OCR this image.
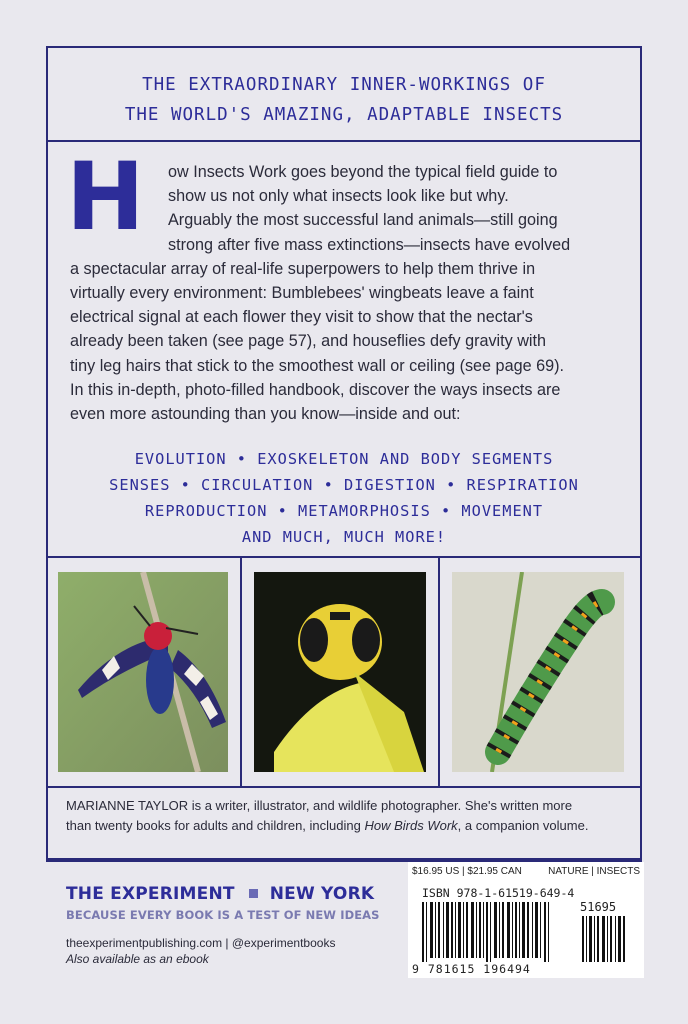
THE EXTRAORDINARY INNER-WORKINGS OF
THE WORLD'S AMAZING, ADAPTABLE INSECTS
H	ow Insects Work goes beyond the typical field guide to
show us not only what insects look like but why.
Arguably the most successful land animals—still going
strong after five mass extinctions—insects have evolved
a spectacular array of real-life superpowers to help them thrive in
virtually every environment: Bumblebees' wingbeats leave a faint
electrical signal at each flower they visit to show that the nectar's
already been taken (see page 57), and houseflies defy gravity with
tiny leg hairs that stick to the smoothest wall or ceiling (see page 69).
In this in-depth, photo-filled handbook, discover the ways insects are
even more astounding than you know—inside and out:
EVOLUTION • EXOSKELETON AND BODY SEGMENTS
SENSES • CIRCULATION • DIGESTION • RESPIRATION
REPRODUCTION • METAMORPHOSIS • MOVEMENT
AND MUCH, MUCH MORE!
MARIANNE TAYLOR is a writer, illustrator, and wildlife photographer. She's written more
than twenty books for adults and children, including How Birds Work, a companion volume.
THE EXPERIMENT NEW YORK
BECAUSE EVERY BOOK IS A TEST OF NEW IDEAS
theexperimentpublishing.com | @experimentbooks
Also available as an ebook
$16.95 US | $21.95 CAN	NATURE | INSECTS
ISBN 978-1-61519-649-4
51695
9 781615 196494
